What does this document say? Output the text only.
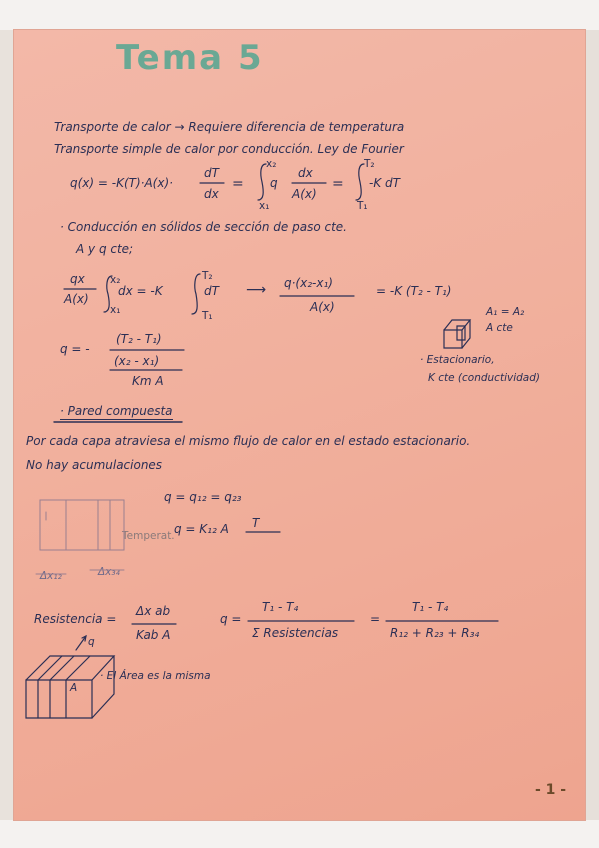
Tema 5
Transporte de calor → Requiere diferencia de temperatura
Transporte simple de calor por conducción. Ley de Fourier
q(x) = -K(T)·A(x)·
dT
dx
=
x₂
x₁
q
dx
A(x)
=
T₂
T₁
-K dT
· Conducción en sólidos de sección de paso cte.
A y q cte;
qx
A(x)
x₂
x₁
dx = -K
T₂
T₁
dT ⟶ q·(x₂-x₁)
A(x)
= -K (T₂ - T₁)
A₁ = A₂
A cte
q = -
(T₂ - T₁)
(x₂ - x₁)
Km A
· Estacionario,
K cte (conductividad)
· Pared compuesta
Por cada capa atraviesa el mismo flujo de calor en el estado estacionario.
No hay acumulaciones
q = q₁₂ = q₂₃
Temperat. q = K₁₂ A T
Δx₁₂	Δx₃₄
Resistencia =
Δx ab
Kab A
q =
T₁ - T₄
Σ Resistencias
=
T₁ - T₄
R₁₂ + R₂₃ + R₃₄
· El Área es la misma
A
q
- 1 -
